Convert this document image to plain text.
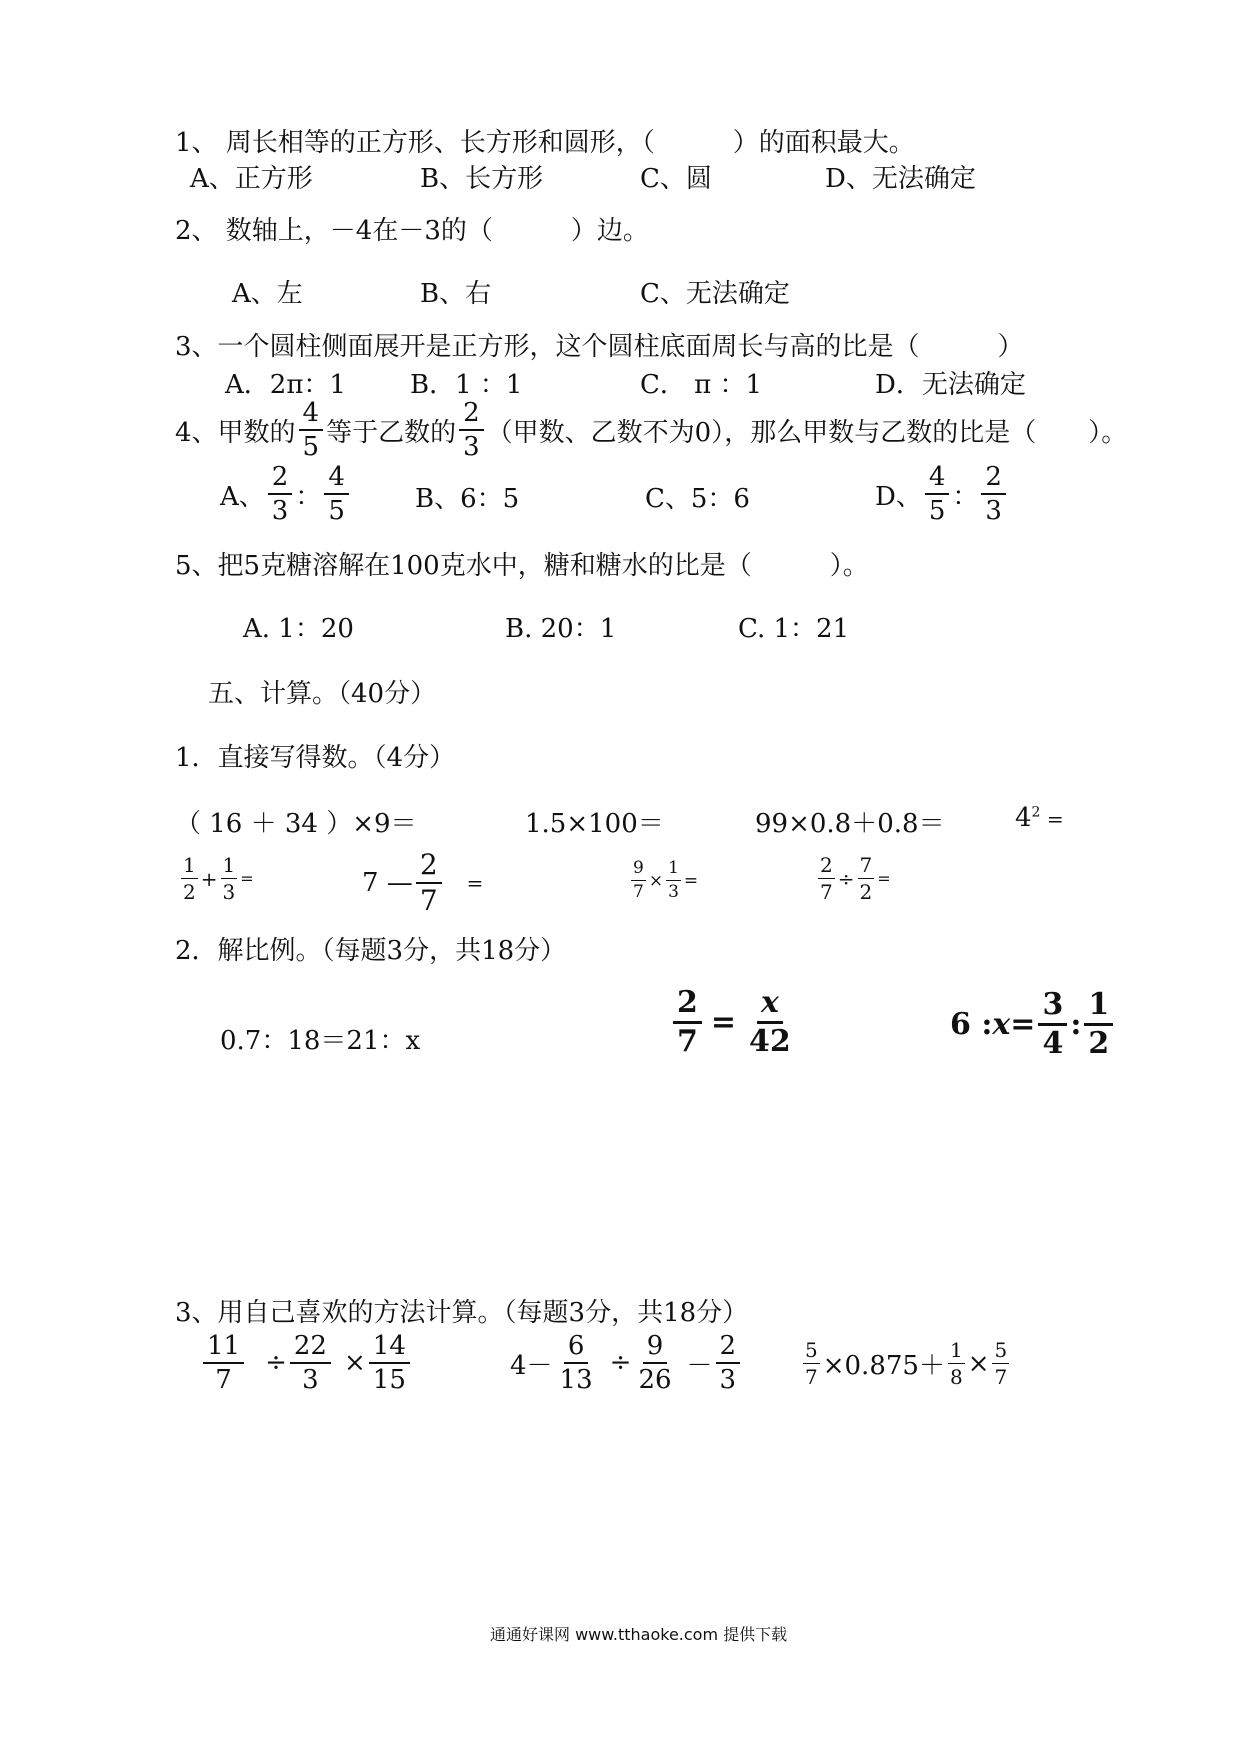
1、 周长相等的正方形、长方形和圆形，（　　　）的面积最大。
A、正方形	B、长方形	C、圆	D、无法确定
2、 数轴上，－4在－3的（　　　）边。
A、左	B、右	C、无法确定
3、一个圆柱侧面展开是正方形，这个圆柱底面周长与高的比是（　　　）
A．2π：1 B．1 ：1	C． π ：1	D．无法确定
4、甲数的 $\frac{4}{5}$ 等于乙数的 $\frac{2}{3}$ （甲数、乙数不为0），那么甲数与乙数的比是（　　）。
A、 $\frac{2}{3}$ ： $\frac{4}{5}$	B、6：5	C、5：6	D、 $\frac{4}{5}$ ： $\frac{2}{3}$
5、把5克糖溶解在100克水中，糖和糖水的比是（　　　）。
A. 1：20	B. 20：1	C. 1：21
五、计算。（40分）
1．直接写得数。（4分）
（ 16 ＋ 34 ）×9＝	1.5×100＝	99×0.8＋0.8＝	$4^2$ =
$\frac{1}{2} + \frac{1}{3}$ =	7 — $\frac{2}{7}$ =	$\frac{9}{7} \times \frac{1}{3}$ =	$\frac{2}{7} \div \frac{7}{2}$ =
2．解比例。（每题3分，共18分）
0.7：18＝21：x	$\frac{2}{7} = \frac{x}{42}$	6 : $x = \frac{3}{4}$ : $\frac{1}{2}$
3、用自己喜欢的方法计算。（每题3分，共18分）
$\frac{11}{7} \div \frac{22}{3} \times \frac{14}{15}$	$4- \frac{6}{13} \div \frac{9}{26} - \frac{2}{3}$	$\frac{5}{7} \times 0.875+ \frac{1}{8} \times \frac{5}{7}$
通通好课网 www.tthaoke.com 提供下载
